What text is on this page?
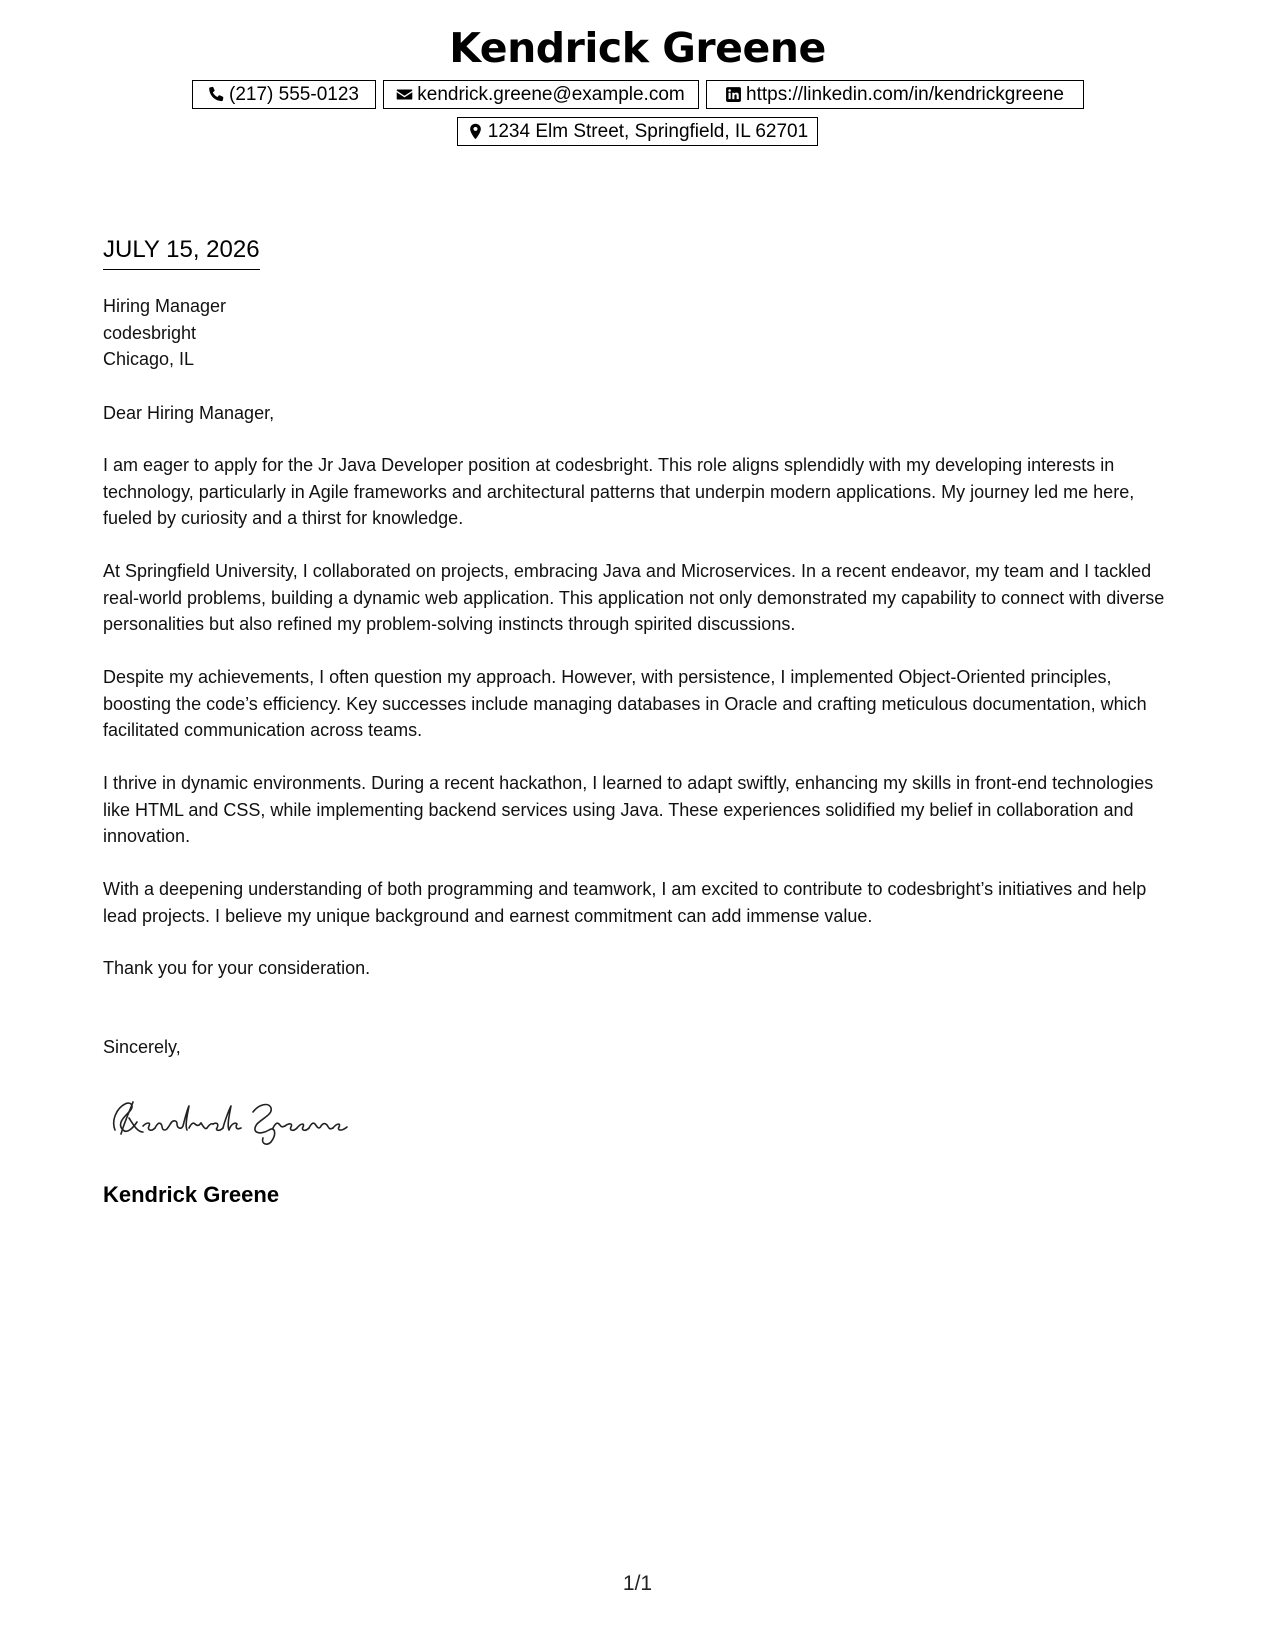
Kendrick Greene
(217) 555-0123	kendrick.greene@example.com	https://linkedin.com/in/kendrickgreene
1234 Elm Street, Springfield, IL 62701
JULY 15, 2026
Hiring Manager
codesbright
Chicago, IL
Dear Hiring Manager,

I am eager to apply for the Jr Java Developer position at codesbright. This role aligns splendidly with my developing interests in technology, particularly in Agile frameworks and architectural patterns that underpin modern applications. My journey led me here, fueled by curiosity and a thirst for knowledge.

At Springfield University, I collaborated on projects, embracing Java and Microservices. In a recent endeavor, my team and I tackled real-world problems, building a dynamic web application. This application not only demonstrated my capability to connect with diverse personalities but also refined my problem-solving instincts through spirited discussions.

Despite my achievements, I often question my approach. However, with persistence, I implemented Object-Oriented principles, boosting the code’s efficiency. Key successes include managing databases in Oracle and crafting meticulous documentation, which facilitated communication across teams.

I thrive in dynamic environments. During a recent hackathon, I learned to adapt swiftly, enhancing my skills in front-end technologies like HTML and CSS, while implementing backend services using Java. These experiences solidified my belief in collaboration and innovation.

With a deepening understanding of both programming and teamwork, I am excited to contribute to codesbright’s initiatives and help lead projects. I believe my unique background and earnest commitment can add immense value.

Thank you for your consideration.
Sincerely,
Kendrick Greene
1/1
